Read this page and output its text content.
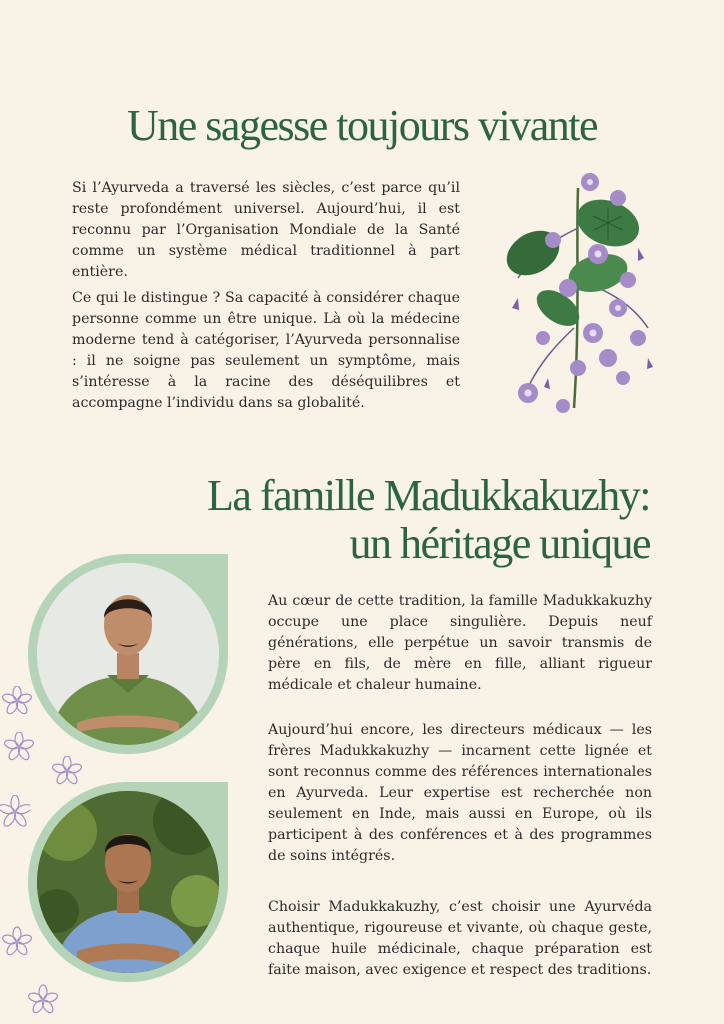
Une sagesse toujours vivante

Si l’Ayurveda a traversé les siècles, c’est parce qu’il reste profondément universel. Aujourd’hui, il est reconnu par l’Organisation Mondiale de la Santé comme un système médical traditionnel à part entière.

Ce qui le distingue ? Sa capacité à considérer chaque personne comme un être unique. Là où la médecine moderne tend à catégoriser, l’Ayurveda personnalise : il ne soigne pas seulement un symptôme, mais s’intéresse à la racine des déséquilibres et accompagne l’individu dans sa globalité.

La famille Madukkakuzhy:
un héritage unique

Au cœur de cette tradition, la famille Madukkakuzhy occupe une place singulière. Depuis neuf générations, elle perpétue un savoir transmis de père en fils, de mère en fille, alliant rigueur médicale et chaleur humaine.

Aujourd’hui encore, les directeurs médicaux — les frères Madukkakuzhy — incarnent cette lignée et sont reconnus comme des références internationales en Ayurveda. Leur expertise est recherchée non seulement en Inde, mais aussi en Europe, où ils participent à des conférences et à des programmes de soins intégrés.

Choisir Madukkakuzhy, c’est choisir une Ayurvéda authentique, rigoureuse et vivante, où chaque geste, chaque huile médicinale, chaque préparation est faite maison, avec exigence et respect des traditions.
